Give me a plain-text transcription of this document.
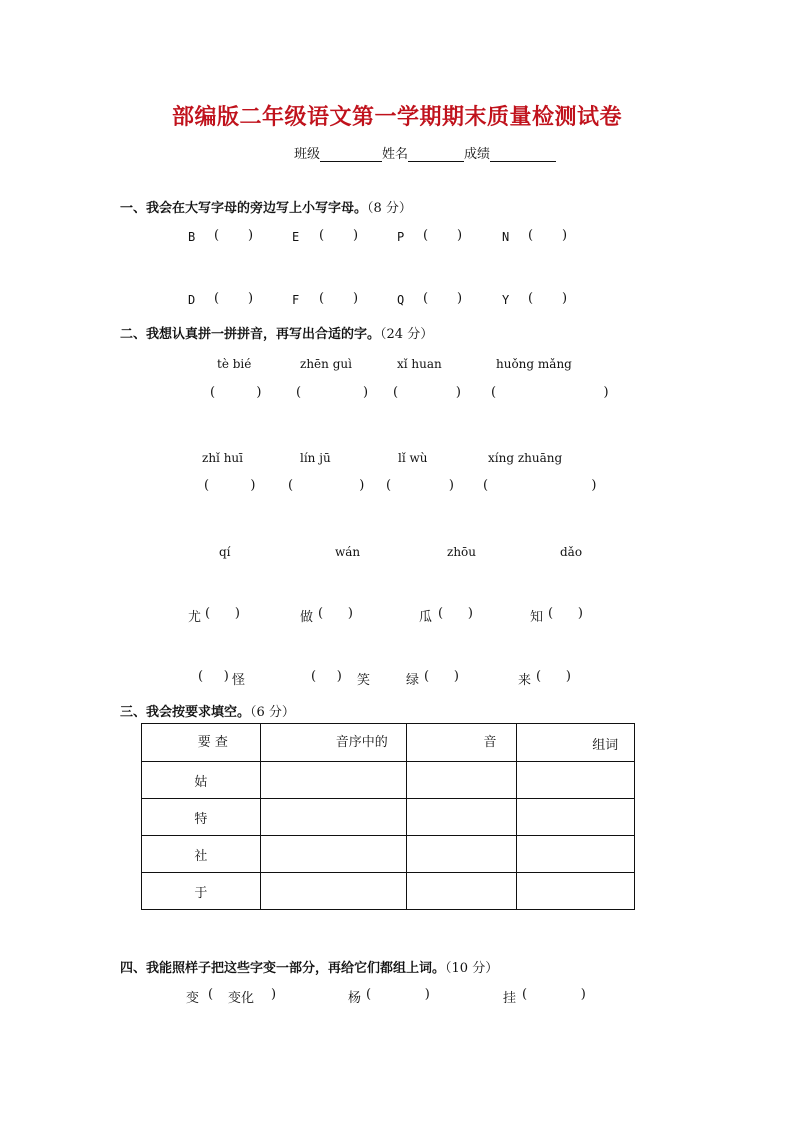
部编版二年级语文第一学期期末质量检测试卷
班级	姓名	成绩
一、我会在大写字母的旁边写上小写字母。（8 分）
B (       )	E (       )	P (       )	N (       )
D (       )	F (       )	Q (       )	Y (       )
二、我想认真拼一拼拼音，再写出合适的字。（24 分）
tè bié	zhēn guì	xǐ huan	huǒng mǎng
(          )	(               ) (              ) (                          )
zhǐ huī	lín jū	lǐ wù	xíng zhuāng
(          )	(                ) (              ) (                         )
qí	wán	zhōu	dǎo
尤 (      )	做 (      )	瓜 (      )	知 (      )
(     ) 怪	(     ) 笑	绿 (      )	来 (      )
三、我会按要求填空。（6 分）
要 查	音序中的	音	组词
姑			
特			
社			
于			
四、我能照样子把这些字变一部分，再给它们都组上词。（10 分）
变 ( 变化 )	杨 (             )	挂 (             )
